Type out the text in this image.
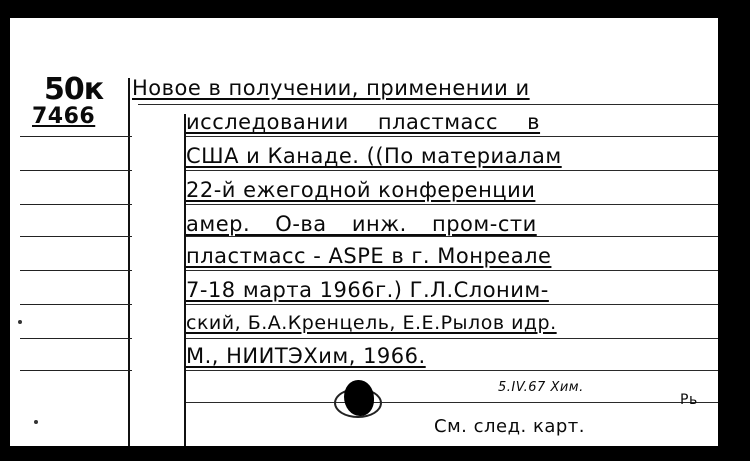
50к

7466

Новое в получении, применении и

исследовании пластмасс в

США и Канаде. ((По материалам

22-й ежегодной конференции

амер. О-ва инж. пром-сти

пластмасс - ASPE в г. Монреале

7-18 марта 1966г.) Г.Л.Слоним-

ский, Б.А.Кренцель, Е.Е.Рылов идр.

М., НИИТЭХим, 1966.

5.IV.67 Хим.

Рь

См. след. карт.
